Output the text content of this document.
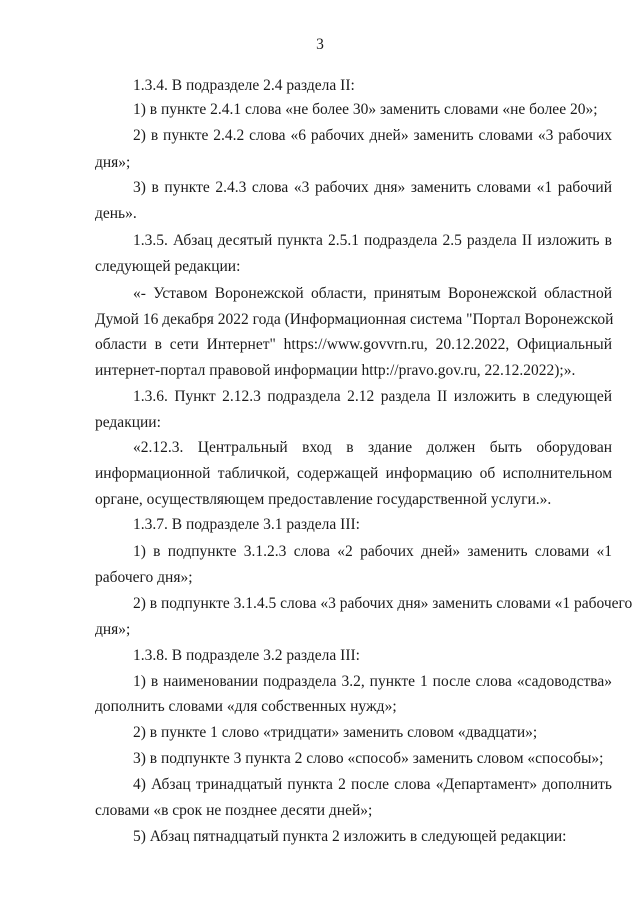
3
1.3.4. В подразделе 2.4 раздела II:
1) в пункте 2.4.1 слова «не более 30» заменить словами «не более 20»;
2) в пункте 2.4.2 слова «6 рабочих дней» заменить словами «3 рабочих
дня»;
3) в пункте 2.4.3 слова «3 рабочих дня» заменить словами «1 рабочий
день».
1.3.5. Абзац десятый пункта 2.5.1 подраздела 2.5 раздела II изложить в
следующей редакции:
«- Уставом Воронежской области, принятым Воронежской областной
Думой 16 декабря 2022 года (Информационная система "Портал Воронежской
области в сети Интернет" https://www.govvrn.ru, 20.12.2022, Официальный
интернет-портал правовой информации http://pravo.gov.ru, 22.12.2022);».
1.3.6. Пункт 2.12.3 подраздела 2.12 раздела II изложить в следующей
редакции:
«2.12.3. Центральный вход в здание должен быть оборудован
информационной табличкой, содержащей информацию об исполнительном
органе, осуществляющем предоставление государственной услуги.».
1.3.7. В подразделе 3.1 раздела III:
1) в подпункте 3.1.2.3 слова «2 рабочих дней» заменить словами «1
рабочего дня»;
2) в подпункте 3.1.4.5 слова «3 рабочих дня» заменить словами «1 рабочего
дня»;
1.3.8. В подразделе 3.2 раздела III:
1) в наименовании подраздела 3.2, пункте 1 после слова «садоводства»
дополнить словами «для собственных нужд»;
2) в пункте 1 слово «тридцати» заменить словом «двадцати»;
3) в подпункте 3 пункта 2 слово «способ» заменить словом «способы»;
4) Абзац тринадцатый пункта 2 после слова «Департамент» дополнить
словами «в срок не позднее десяти дней»;
5) Абзац пятнадцатый пункта 2 изложить в следующей редакции:
